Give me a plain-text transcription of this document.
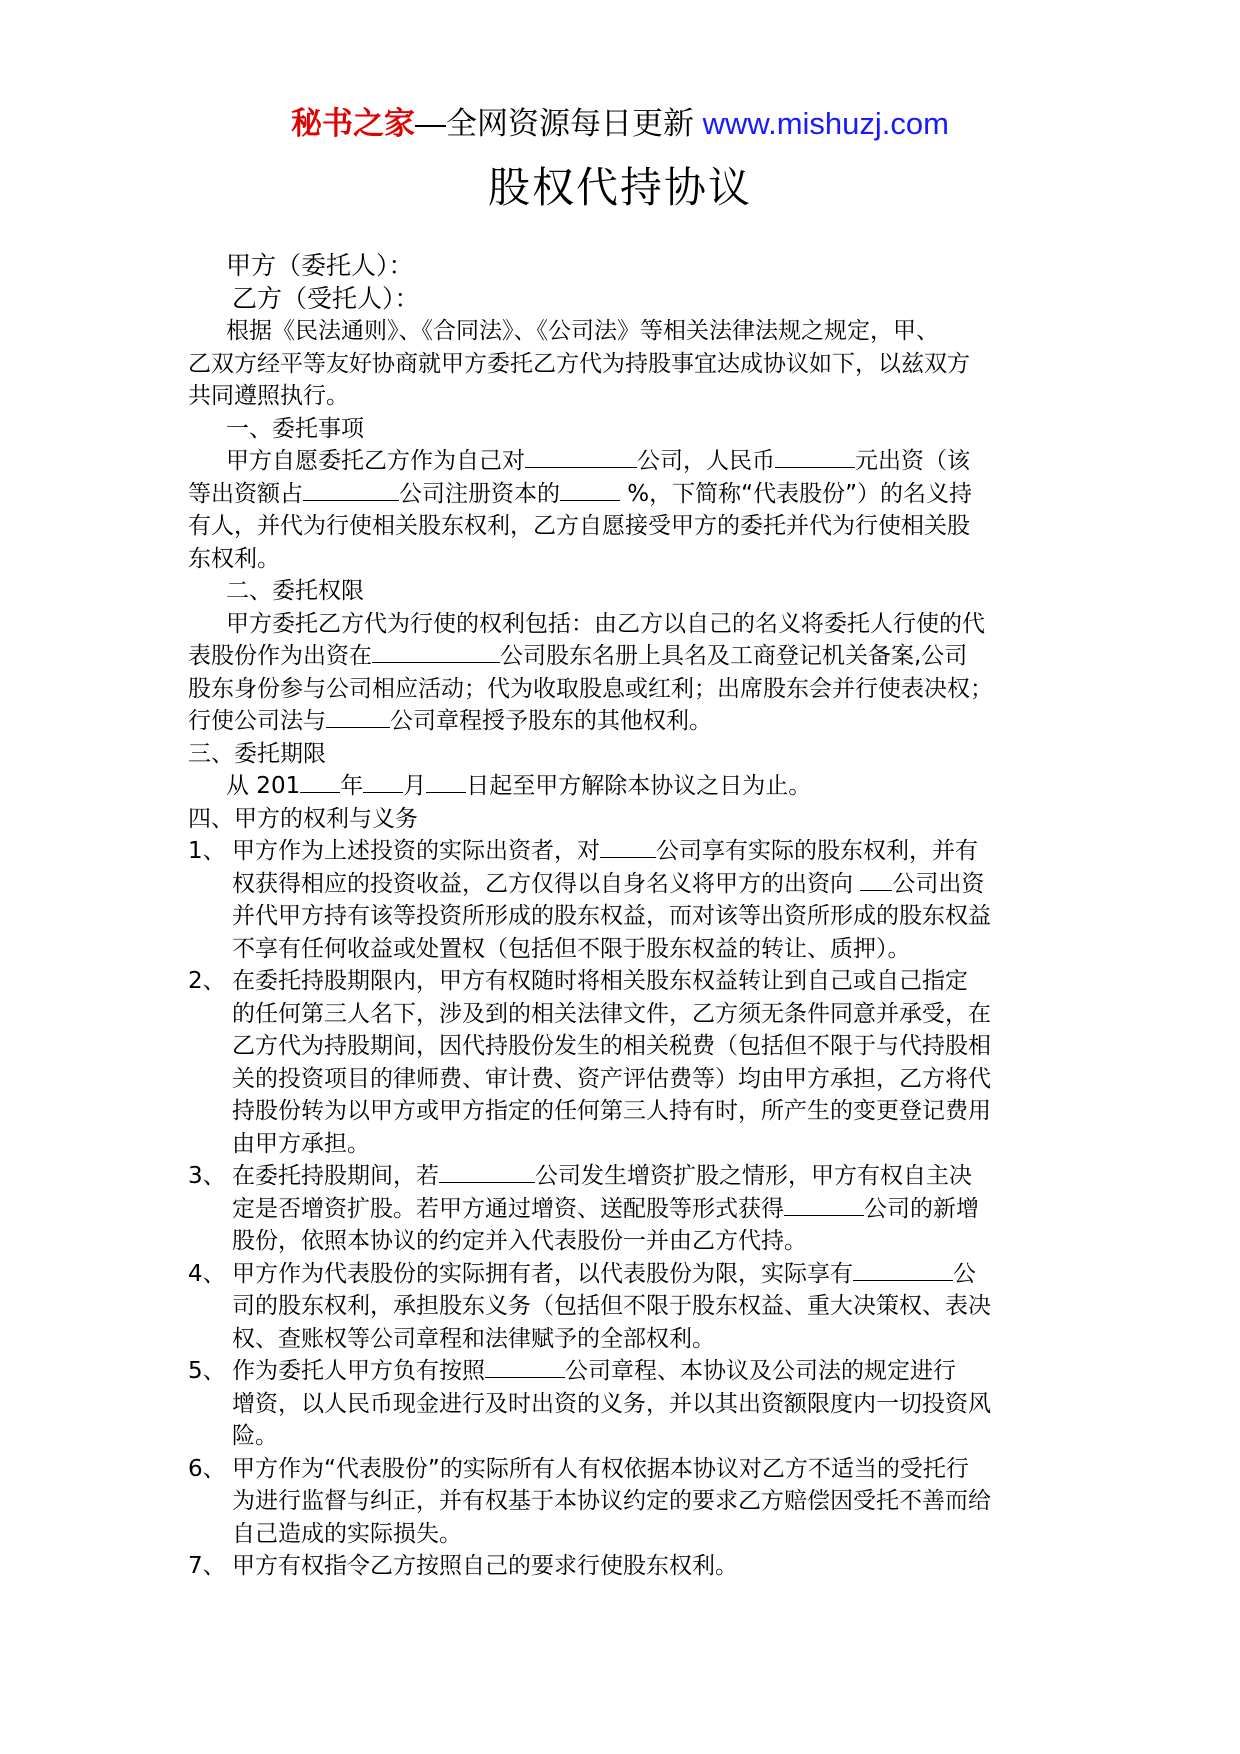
秘书之家—全网资源每日更新 www.mishuzj.com
股权代持协议
甲方（委托人）：
乙方（受托人）：
根据《民法通则》、《合同法》、《公司法》等相关法律法规之规定，甲、
乙双方经平等友好协商就甲方委托乙方代为持股事宜达成协议如下，以兹双方
共同遵照执行。
一、委托事项
甲方自愿委托乙方作为自己对	公司，人民币	元出资（该
等出资额占	公司注册资本的	%，下简称“代表股份”）的名义持
有人，并代为行使相关股东权利，乙方自愿接受甲方的委托并代为行使相关股
东权利。
二、委托权限
甲方委托乙方代为行使的权利包括：由乙方以自己的名义将委托人行使的代
表股份作为出资在	公司股东名册上具名及工商登记机关备案,公司
股东身份参与公司相应活动；代为收取股息或红利；出席股东会并行使表决权；
行使公司法与	公司章程授予股东的其他权利。
三、委托期限
从 201 年 月 日起至甲方解除本协议之日为止。
四、甲方的权利与义务
1、 甲方作为上述投资的实际出资者，对 公司享有实际的股东权利，并有
权获得相应的投资收益，乙方仅得以自身名义将甲方的出资向 公司出资
并代甲方持有该等投资所形成的股东权益，而对该等出资所形成的股东权益
不享有任何收益或处置权（包括但不限于股东权益的转让、质押）。
2、 在委托持股期限内，甲方有权随时将相关股东权益转让到自己或自己指定
的任何第三人名下，涉及到的相关法律文件，乙方须无条件同意并承受，在
乙方代为持股期间，因代持股份发生的相关税费（包括但不限于与代持股相
关的投资项目的律师费、审计费、资产评估费等）均由甲方承担，乙方将代
持股份转为以甲方或甲方指定的任何第三人持有时，所产生的变更登记费用
由甲方承担。
3、 在委托持股期间，若	公司发生增资扩股之情形，甲方有权自主决
定是否增资扩股。若甲方通过增资、送配股等形式获得	公司的新增
股份，依照本协议的约定并入代表股份一并由乙方代持。
4、 甲方作为代表股份的实际拥有者，以代表股份为限，实际享有	公
司的股东权利，承担股东义务（包括但不限于股东权益、重大决策权、表决
权、查账权等公司章程和法律赋予的全部权利。
5、 作为委托人甲方负有按照	公司章程、本协议及公司法的规定进行
增资，以人民币现金进行及时出资的义务，并以其出资额限度内一切投资风
险。
6、 甲方作为“代表股份”的实际所有人有权依据本协议对乙方不适当的受托行
为进行监督与纠正，并有权基于本协议约定的要求乙方赔偿因受托不善而给
自己造成的实际损失。
7、 甲方有权指令乙方按照自己的要求行使股东权利。
